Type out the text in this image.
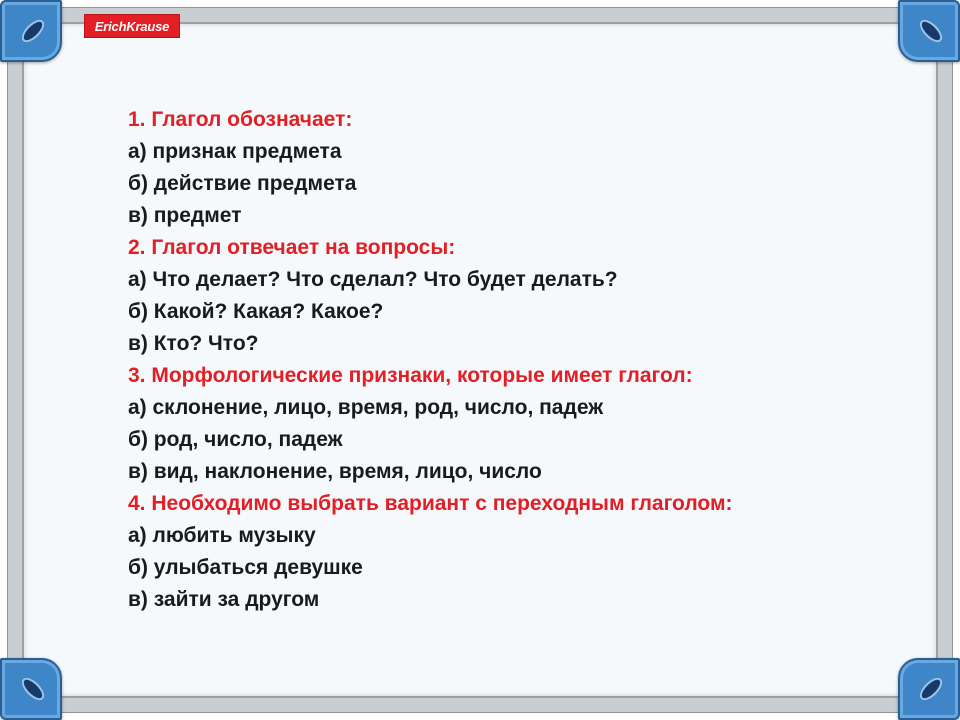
ErichKrause
1. Глагол обозначает:
а) признак предмета
б) действие предмета
в) предмет
2. Глагол отвечает на вопросы:
а) Что делает? Что сделал? Что будет делать?
б) Какой? Какая? Какое?
в) Кто? Что?
3. Морфологические признаки, которые имеет глагол:
а) склонение, лицо, время, род, число, падеж
б) род, число, падеж
в) вид, наклонение, время, лицо, число
4. Необходимо выбрать вариант с переходным глаголом:
а) любить музыку
б) улыбаться девушке
в) зайти за другом
